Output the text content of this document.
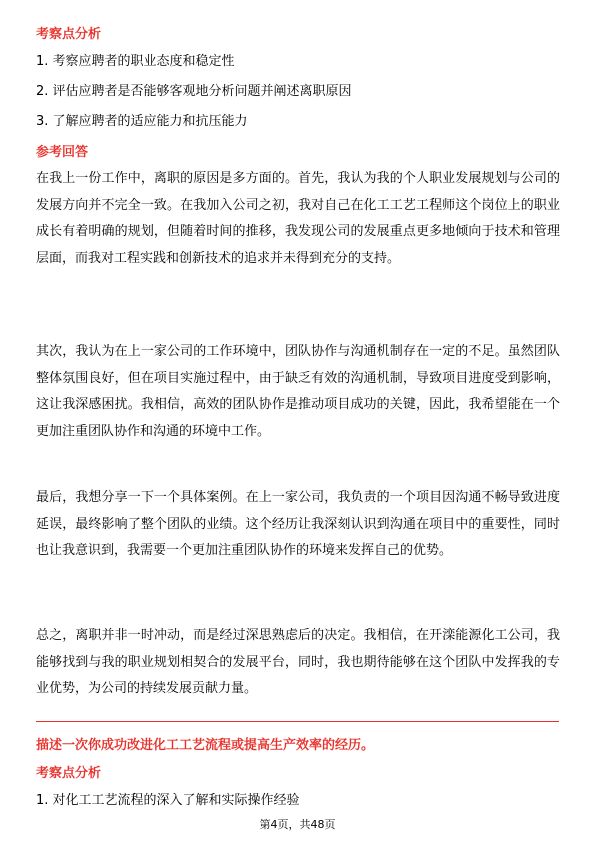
考察点分析
1. 考察应聘者的职业态度和稳定性
2. 评估应聘者是否能够客观地分析问题并阐述离职原因
3. 了解应聘者的适应能力和抗压能力
参考回答

在我上一份工作中，离职的原因是多方面的。首先，我认为我的个人职业发展规划与公司的发展方向并不完全一致。在我加入公司之初，我对自己在化工工艺工程师这个岗位上的职业成长有着明确的规划，但随着时间的推移，我发现公司的发展重点更多地倾向于技术和管理层面，而我对工程实践和创新技术的追求并未得到充分的支持。

其次，我认为在上一家公司的工作环境中，团队协作与沟通机制存在一定的不足。虽然团队整体氛围良好，但在项目实施过程中，由于缺乏有效的沟通机制，导致项目进度受到影响，这让我深感困扰。我相信，高效的团队协作是推动项目成功的关键，因此，我希望能在一个更加注重团队协作和沟通的环境中工作。

最后，我想分享一下一个具体案例。在上一家公司，我负责的一个项目因沟通不畅导致进度延误，最终影响了整个团队的业绩。这个经历让我深刻认识到沟通在项目中的重要性，同时也让我意识到，我需要一个更加注重团队协作的环境来发挥自己的优势。

总之，离职并非一时冲动，而是经过深思熟虑后的决定。我相信，在开滦能源化工公司，我能够找到与我的职业规划相契合的发展平台，同时，我也期待能够在这个团队中发挥我的专业优势，为公司的持续发展贡献力量。

描述一次你成功改进化工工艺流程或提高生产效率的经历。
考察点分析
1. 对化工工艺流程的深入了解和实际操作经验
第4页，共48页
